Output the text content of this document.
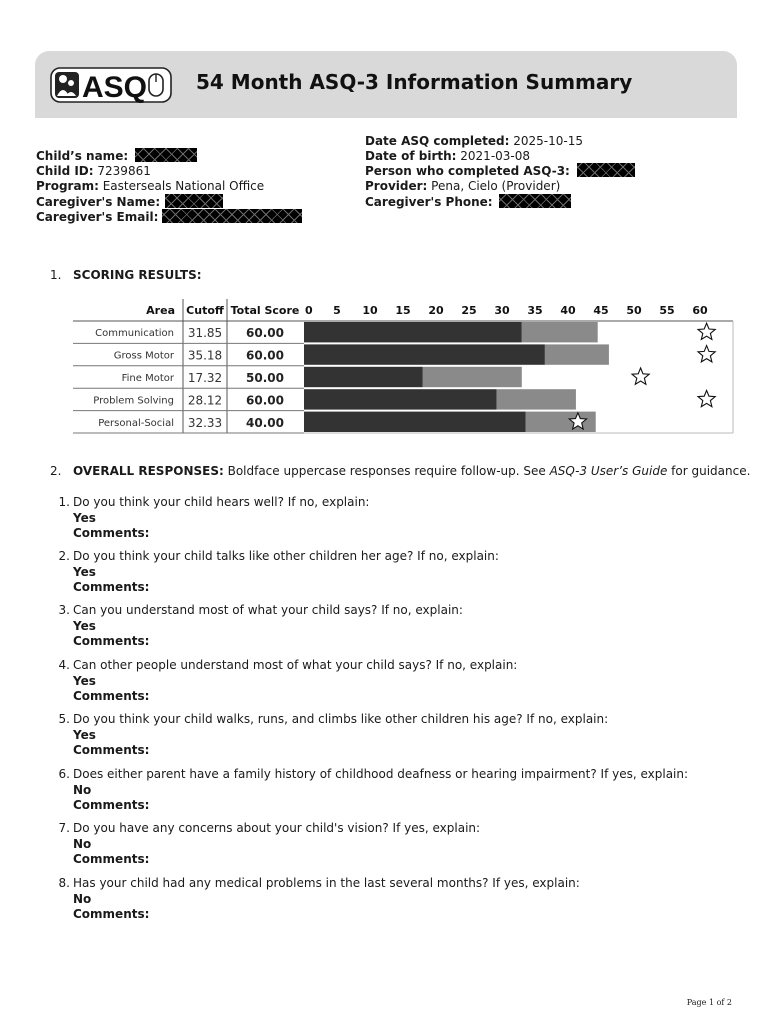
ASQ 54 Month ASQ-3 Information Summary
Child’s name:
Child ID: 7239861
Program: Easterseals National Office
Caregiver's Name:
Caregiver's Email:
Date ASQ completed: 2025-10-15
Date of birth: 2021-03-08
Person who completed ASQ-3:
Provider: Pena, Cielo (Provider)
Caregiver's Phone:
1. SCORING RESULTS:
Area Cutoff Total Score 0 5 10 15 20 25 30 35 40 45 50 55 60
Communication 31.85 60.00
Gross Motor 35.18 60.00
Fine Motor 17.32 50.00
Problem Solving 28.12 60.00
Personal-Social 32.33 40.00
2. OVERALL RESPONSES: Boldface uppercase responses require follow-up. See ASQ-3 User’s Guide for guidance.
1. Do you think your child hears well? If no, explain:
Yes
Comments:
2. Do you think your child talks like other children her age? If no, explain:
Yes
Comments:
3. Can you understand most of what your child says? If no, explain:
Yes
Comments:
4. Can other people understand most of what your child says? If no, explain:
Yes
Comments:
5. Do you think your child walks, runs, and climbs like other children his age? If no, explain:
Yes
Comments:
6. Does either parent have a family history of childhood deafness or hearing impairment? If yes, explain:
No
Comments:
7. Do you have any concerns about your child's vision? If yes, explain:
No
Comments:
8. Has your child had any medical problems in the last several months? If yes, explain:
No
Comments:
Page 1 of 2
